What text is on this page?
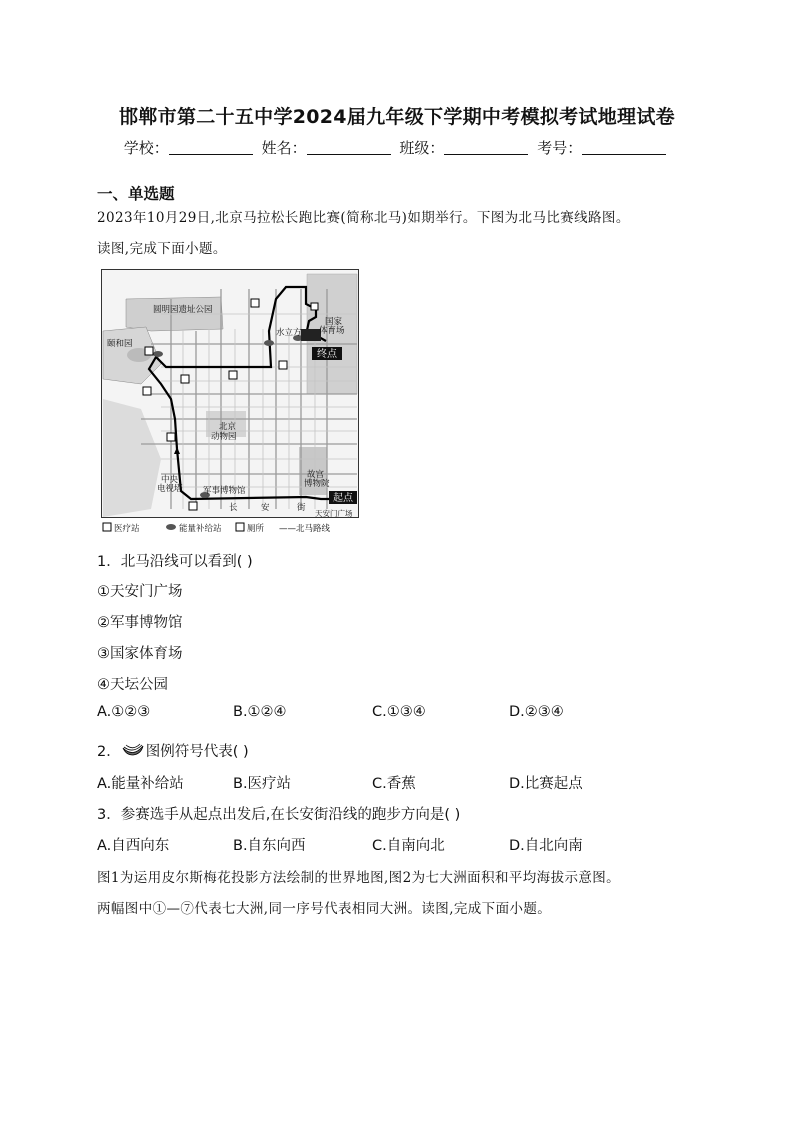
邯郸市第二十五中学2024届九年级下学期中考模拟考试地理试卷
学校：	姓名：	班级：	考号：
一、单选题
2023年10月29日,北京马拉松长跑比赛(简称北马)如期举行。下图为北马比赛线路图。
读图,完成下面小题。
终点
起点
圆明园遗址公园
颐和园
水立方
国家
体育场
北京
动物园
中央
电视塔 军事博物馆
故宫
博物院
长	安	街
天安门广场
医疗站	能量补给站	厕所 ——北马路线
1．北马沿线可以看到( )
①天安门广场
②军事博物馆
③国家体育场
④天坛公园
A.①②③	B.①②④	C.①③④	D.②③④
2． 图例符号代表( )
A.能量补给站	B.医疗站	C.香蕉	D.比赛起点
3．参赛选手从起点出发后,在长安街沿线的跑步方向是( )
A.自西向东	B.自东向西	C.自南向北	D.自北向南
图1为运用皮尔斯梅花投影方法绘制的世界地图,图2为七大洲面积和平均海拔示意图。
两幅图中①—⑦代表七大洲,同一序号代表相同大洲。读图,完成下面小题。
